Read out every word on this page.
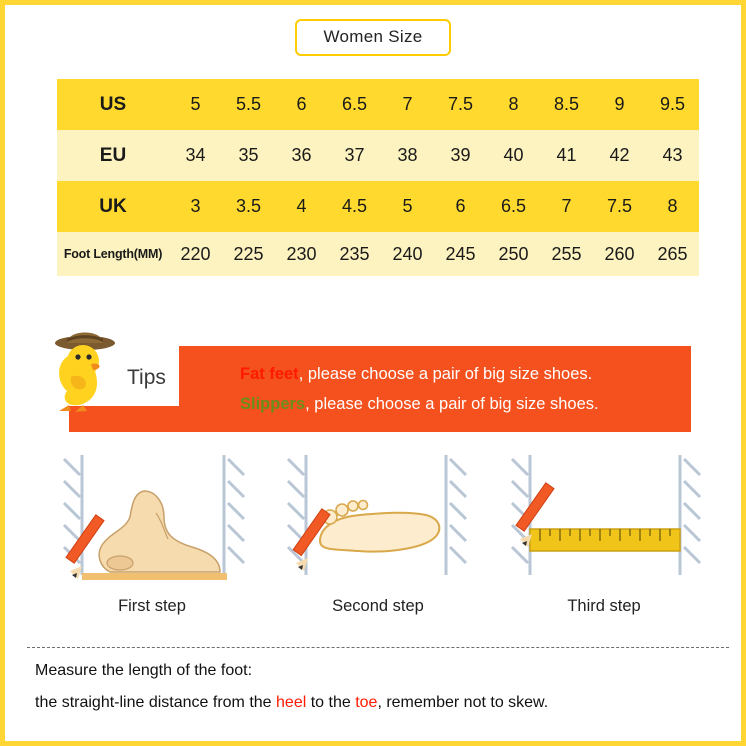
Women Size
US	5	5.5	6	6.5	7	7.5	8	8.5	9	9.5
EU	34	35	36	37	38	39	40	41	42	43
UK	3	3.5	4	4.5	5	6	6.5	7	7.5	8
Foot Length(MM)	220	225	230	235	240	245	250	255	260	265
Tips	Fat feet, please choose a pair of big size shoes.
Slippers, please choose a pair of big size shoes.
First step	Second step	Third step
Measure the length of the foot:
the straight-line distance from the heel to the toe, remember not to skew.
